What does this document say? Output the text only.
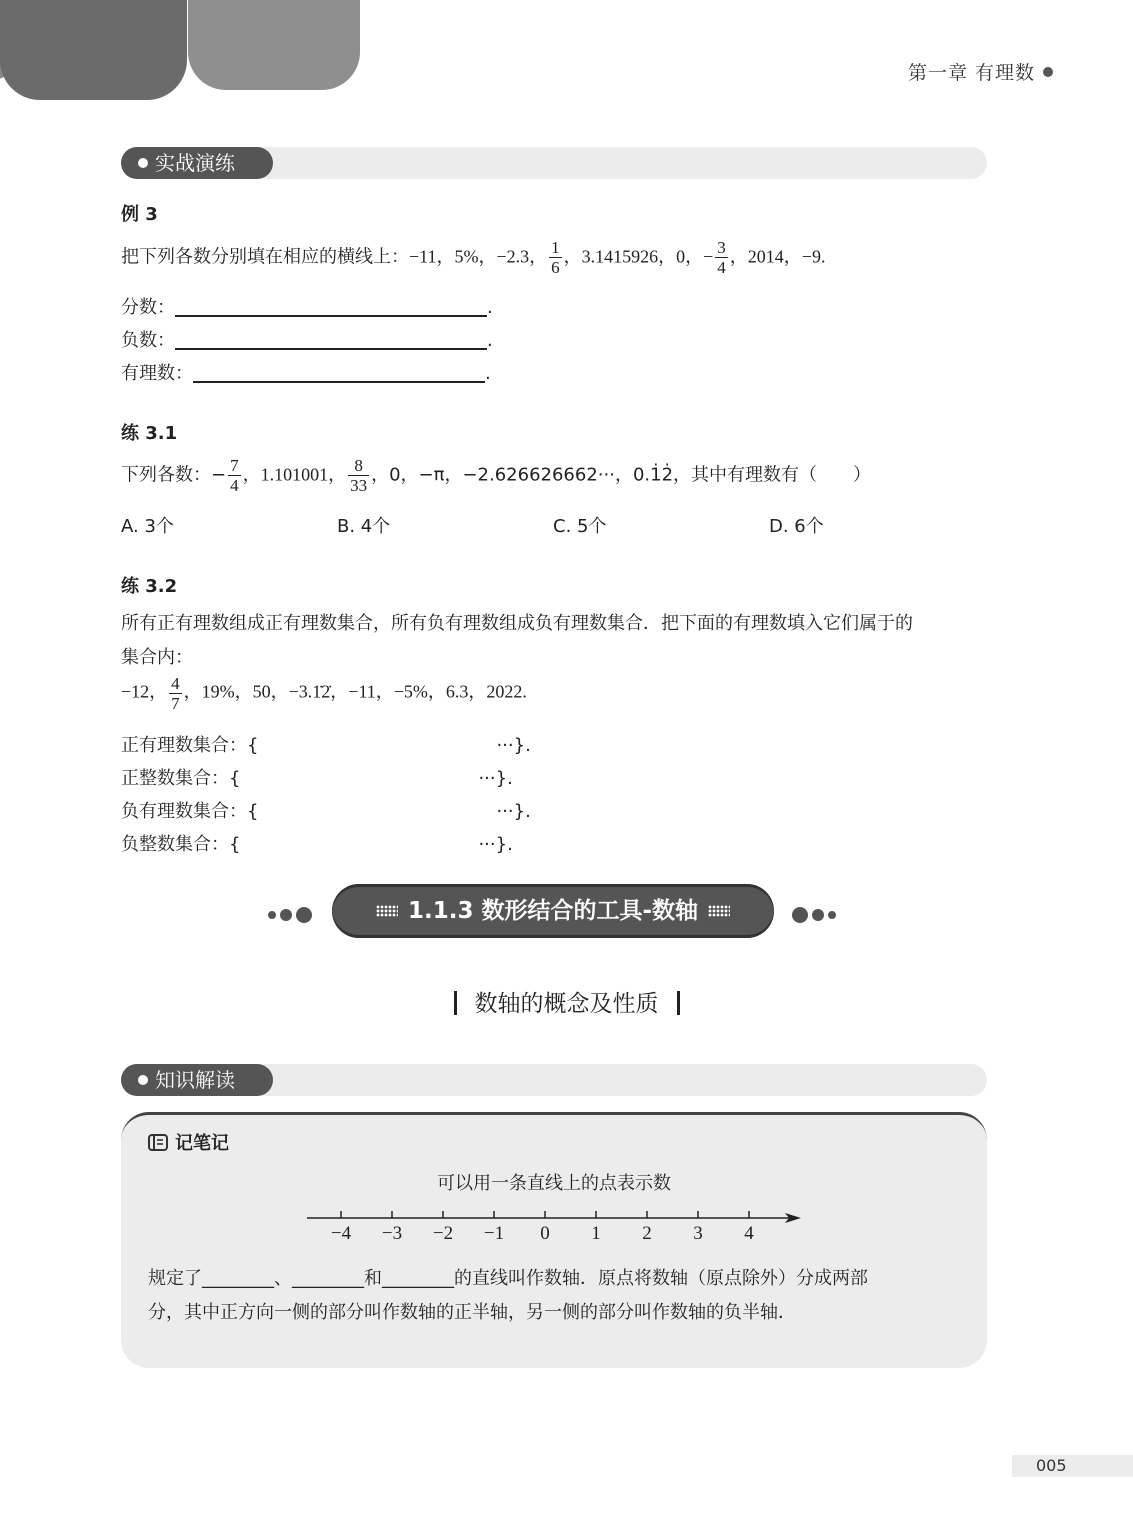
第一章 有理数
实战演练
例 3
把下列各数分别填在相应的横线上：−11，5%，−2.3， $\frac{1}{6}$ ，3.1415926，0，− $\frac{3}{4}$ ，2014，−9.
分数：	.
负数：	.
有理数：	.
练 3.1
下列各数：− $\frac{7}{4}$ ，1.101001， $\frac{8}{33}$ ，0，−π，−2.626626662···，0.1̇2̇，其中有理数有（　　）
A. 3个	B. 4个	C. 5个	D. 6个
练 3.2
所有正有理数组成正有理数集合，所有负有理数组成负有理数集合．把下面的有理数填入它们属于的
集合内：
−12， $\frac{4}{7}$ ，19%，50，−3.1̇2̇，−11，−5%，6.3，2022.
正有理数集合：{	···}.
正整数集合：{	···}.
负有理数集合：{	···}.
负整数集合：{	···}.
1.1.3 数形结合的工具-数轴
数轴的概念及性质
知识解读
记笔记
可以用一条直线上的点表示数
−4 −3 −2 −1 0 1 2 3 4
规定了________、________和________的直线叫作数轴．原点将数轴（原点除外）分成两部
分，其中正方向一侧的部分叫作数轴的正半轴，另一侧的部分叫作数轴的负半轴．
005
